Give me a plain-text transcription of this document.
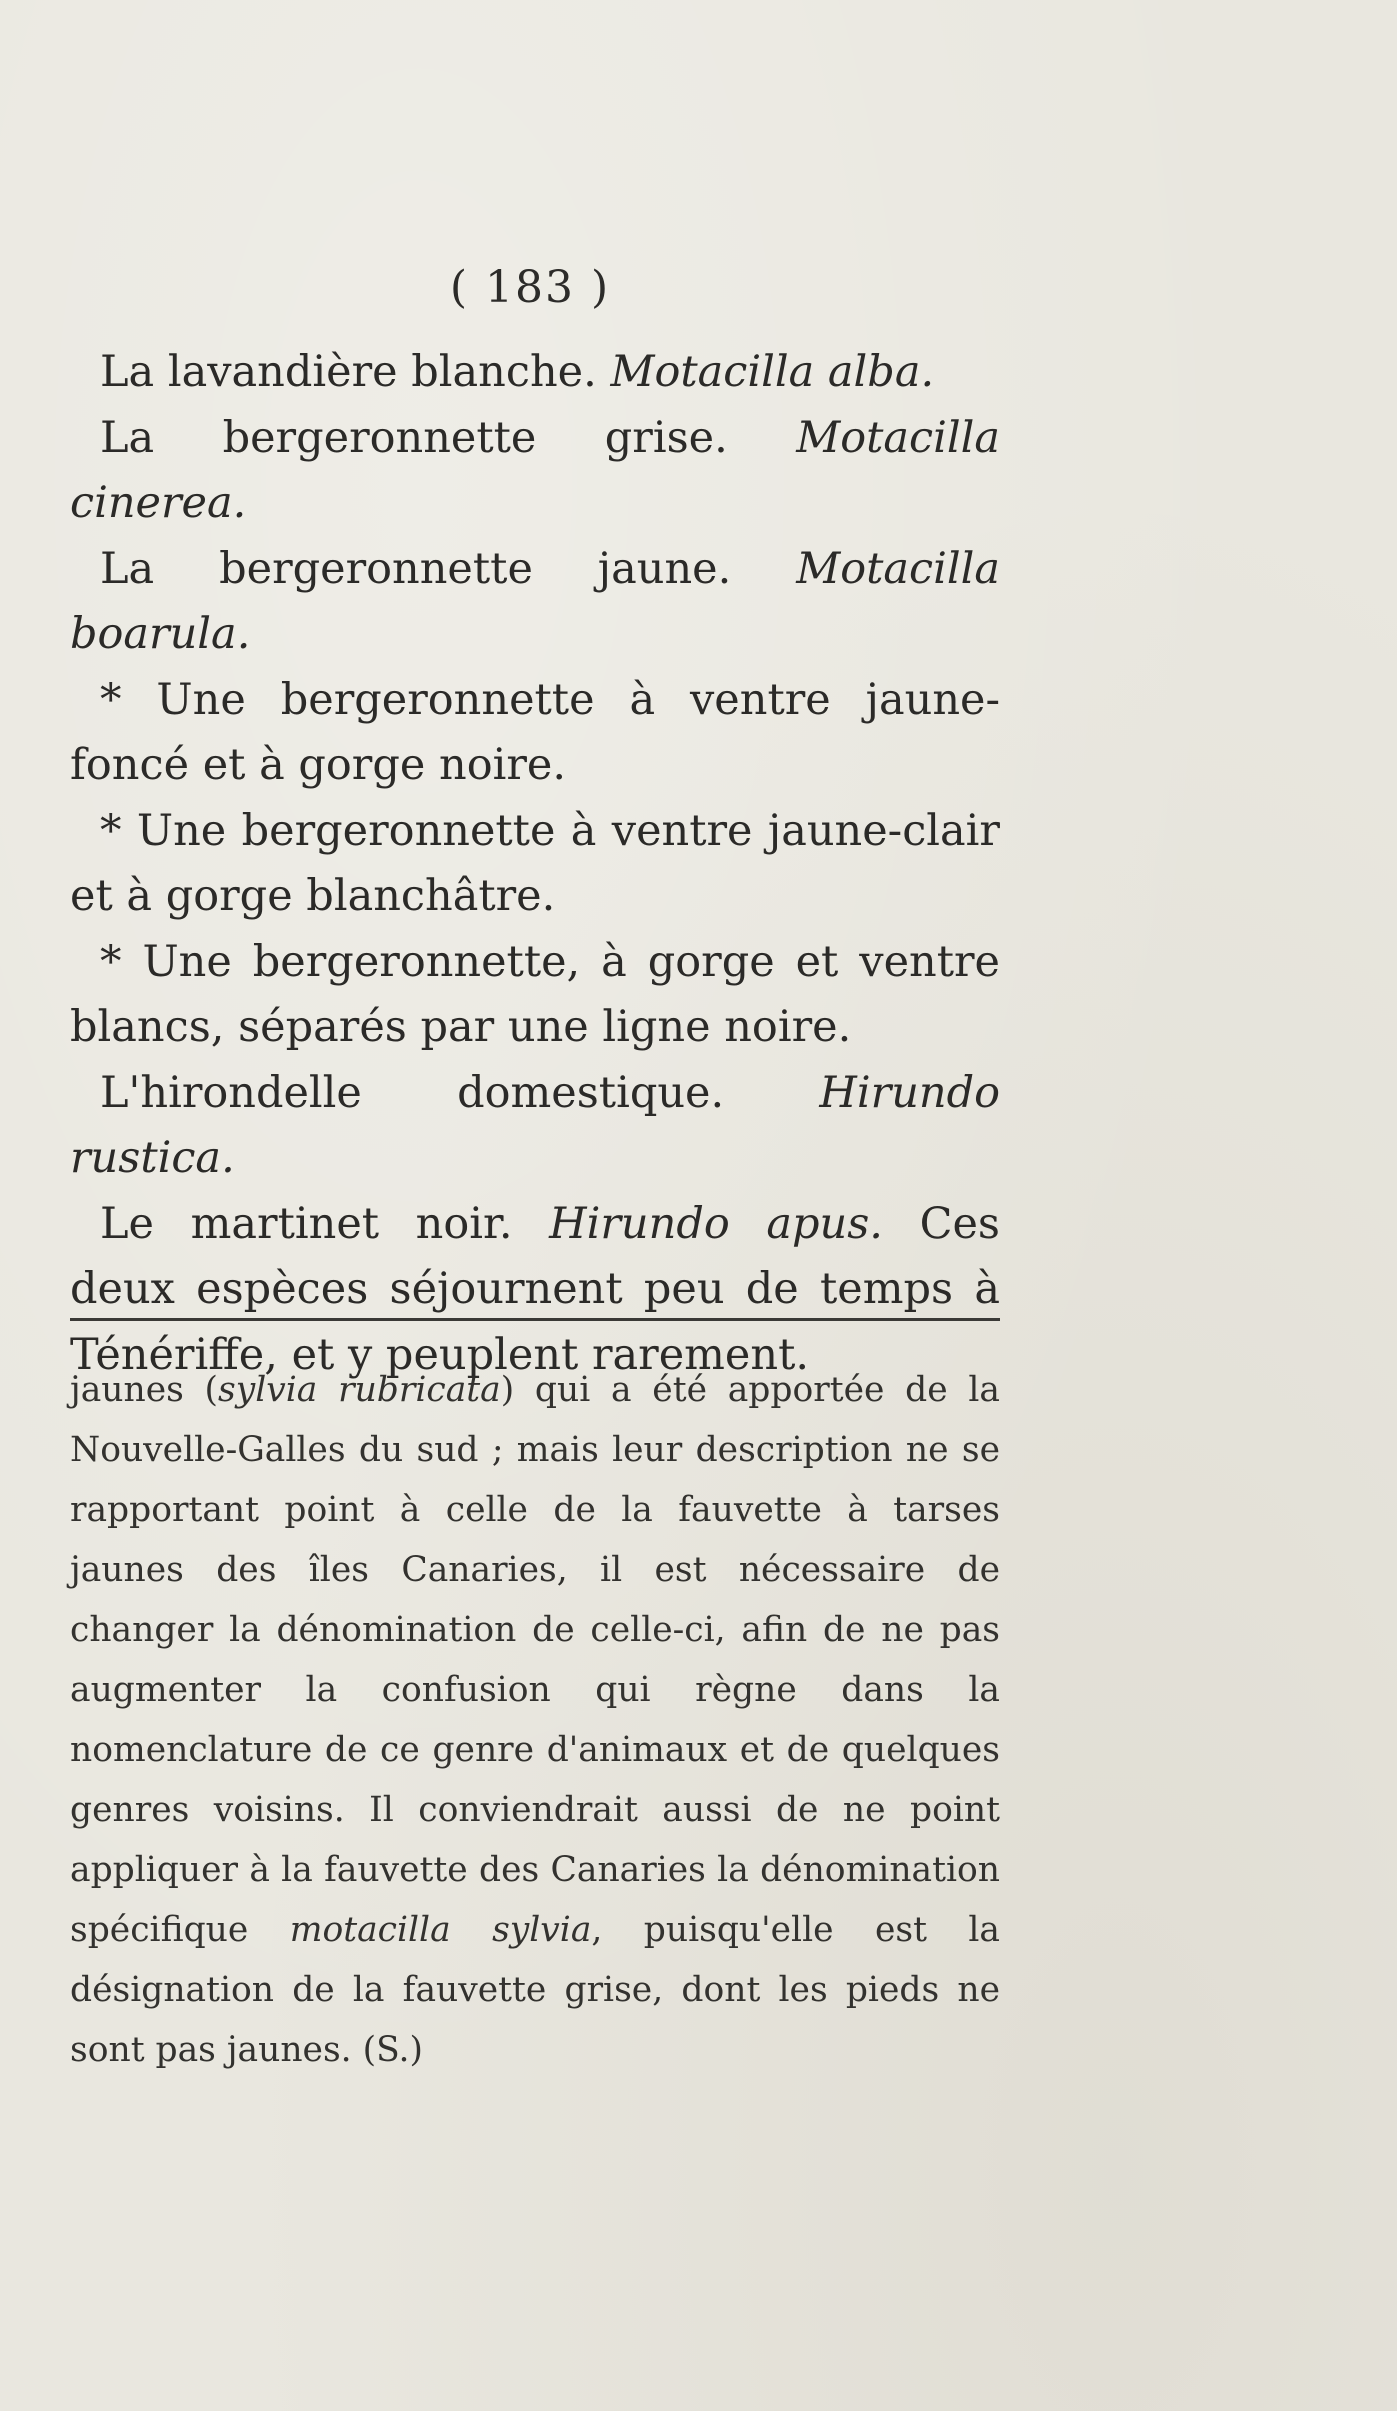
( 183 )

La lavandière blanche. Motacilla alba.

La bergeronnette grise. Motacilla cinerea.

La bergeronnette jaune. Motacilla boarula.

* Une bergeronnette à ventre jaune-foncé et à gorge noire.

* Une bergeronnette à ventre jaune-clair et à gorge blanchâtre.

* Une bergeronnette, à gorge et ventre blancs, séparés par une ligne noire.

L'hirondelle domestique. Hirundo rustica.

Le martinet noir. Hirundo apus. Ces deux espèces séjournent peu de temps à Ténériffe, et y peuplent rarement.

jaunes (sylvia rubricata) qui a été apportée de la Nouvelle-Galles du sud ; mais leur description ne se rapportant point à celle de la fauvette à tarses jaunes des îles Canaries, il est nécessaire de changer la dénomination de celle-ci, afin de ne pas augmenter la confusion qui règne dans la nomenclature de ce genre d'animaux et de quelques genres voisins. Il conviendrait aussi de ne point appliquer à la fauvette des Canaries la dénomination spécifique motacilla sylvia, puisqu'elle est la désignation de la fauvette grise, dont les pieds ne sont pas jaunes. (S.)
